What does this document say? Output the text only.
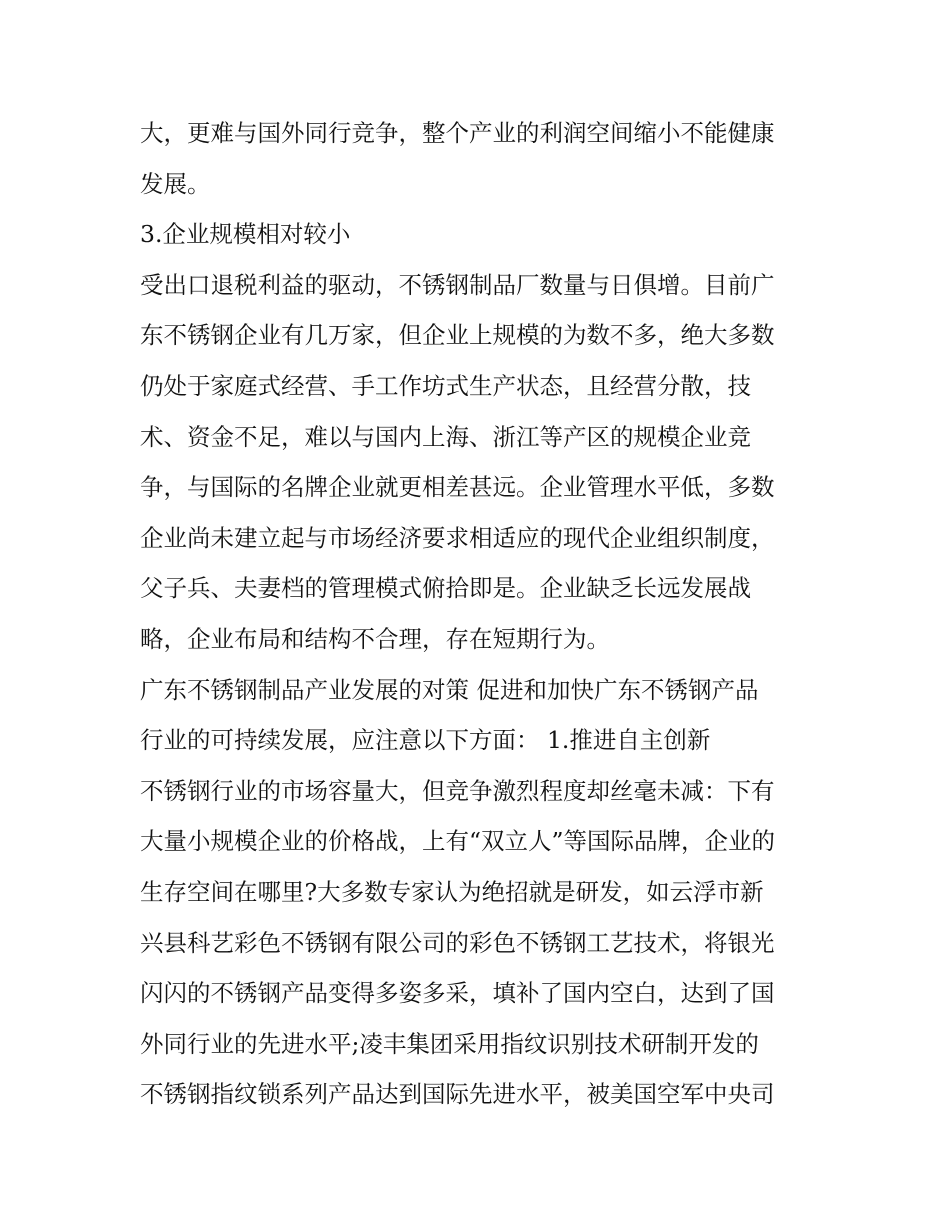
大，更难与国外同行竞争，整个产业的利润空间缩小不能健康
发展。
3.企业规模相对较小
受出口退税利益的驱动，不锈钢制品厂数量与日俱增。目前广
东不锈钢企业有几万家，但企业上规模的为数不多，绝大多数
仍处于家庭式经营、手工作坊式生产状态，且经营分散，技
术、资金不足，难以与国内上海、浙江等产区的规模企业竞
争，与国际的名牌企业就更相差甚远。企业管理水平低，多数
企业尚未建立起与市场经济要求相适应的现代企业组织制度，
父子兵、夫妻档的管理模式俯拾即是。企业缺乏长远发展战
略，企业布局和结构不合理，存在短期行为。
广东不锈钢制品产业发展的对策 促进和加快广东不锈钢产品
行业的可持续发展，应注意以下方面： 1.推进自主创新
不锈钢行业的市场容量大，但竞争激烈程度却丝毫未减：下有
大量小规模企业的价格战，上有“双立人”等国际品牌，企业的
生存空间在哪里?大多数专家认为绝招就是研发，如云浮市新
兴县科艺彩色不锈钢有限公司的彩色不锈钢工艺技术，将银光
闪闪的不锈钢产品变得多姿多采，填补了国内空白，达到了国
外同行业的先进水平;凌丰集团采用指纹识别技术研制开发的
不锈钢指纹锁系列产品达到国际先进水平，被美国空军中央司
